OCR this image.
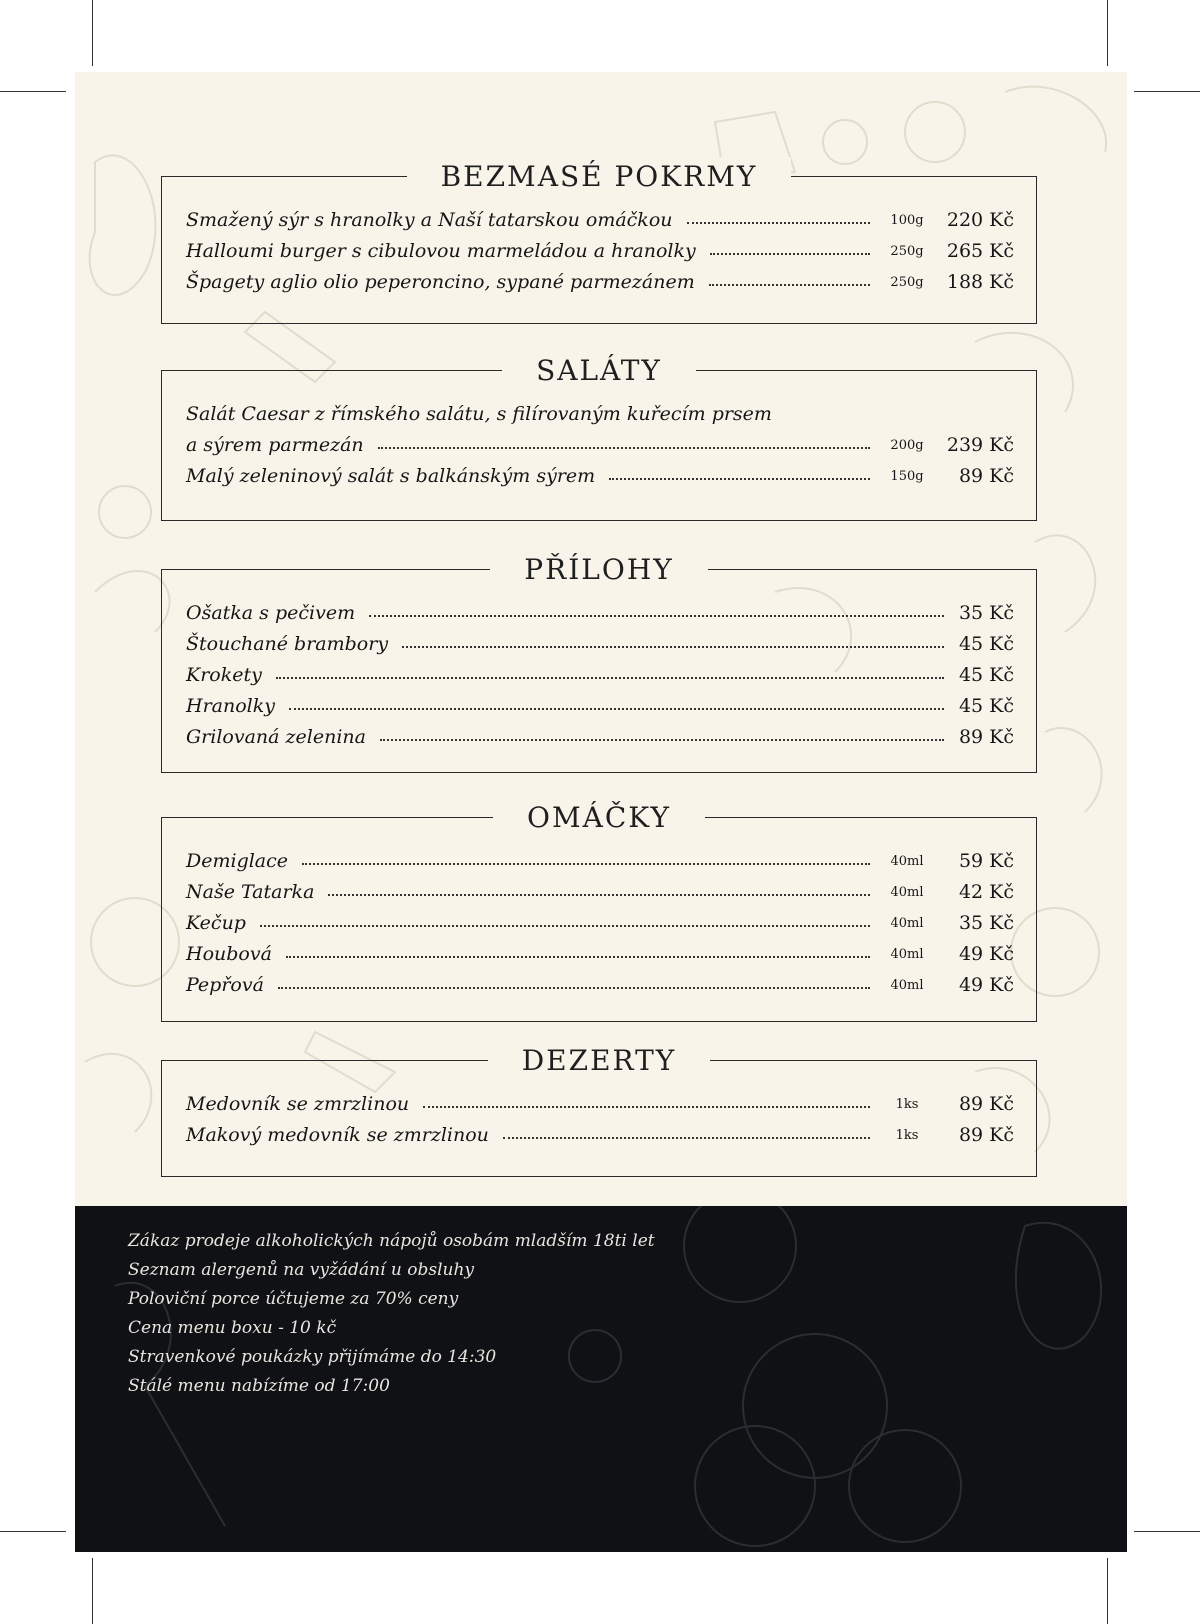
BEZMASÉ POKRMY
Smažený sýr s hranolky a Naší tatarskou omáčkou	100g	220 Kč
Halloumi burger s cibulovou marmeládou a hranolky	250g	265 Kč
Špagety aglio olio peperoncino, sypané parmezánem	250g	188 Kč
SALÁTY
Salát Caesar z římského salátu, s filírovaným kuřecím prsem
a sýrem parmezán	200g	239 Kč
Malý zeleninový salát s balkánským sýrem	150g	89 Kč
PŘÍLOHY
Ošatka s pečivem	35 Kč
Štouchané brambory	45 Kč
Krokety	45 Kč
Hranolky	45 Kč
Grilovaná zelenina	89 Kč
OMÁČKY
Demiglace	40ml	59 Kč
Naše Tatarka	40ml	42 Kč
Kečup	40ml	35 Kč
Houbová	40ml	49 Kč
Pepřová	40ml	49 Kč
DEZERTY
Medovník se zmrzlinou	1ks	89 Kč
Makový medovník se zmrzlinou	1ks	89 Kč
Zákaz prodeje alkoholických nápojů osobám mladším 18ti let
Seznam alergenů na vyžádání u obsluhy
Poloviční porce účtujeme za 70% ceny
Cena menu boxu - 10 kč
Stravenkové poukázky přijímáme do 14:30
Stálé menu nabízíme od 17:00
